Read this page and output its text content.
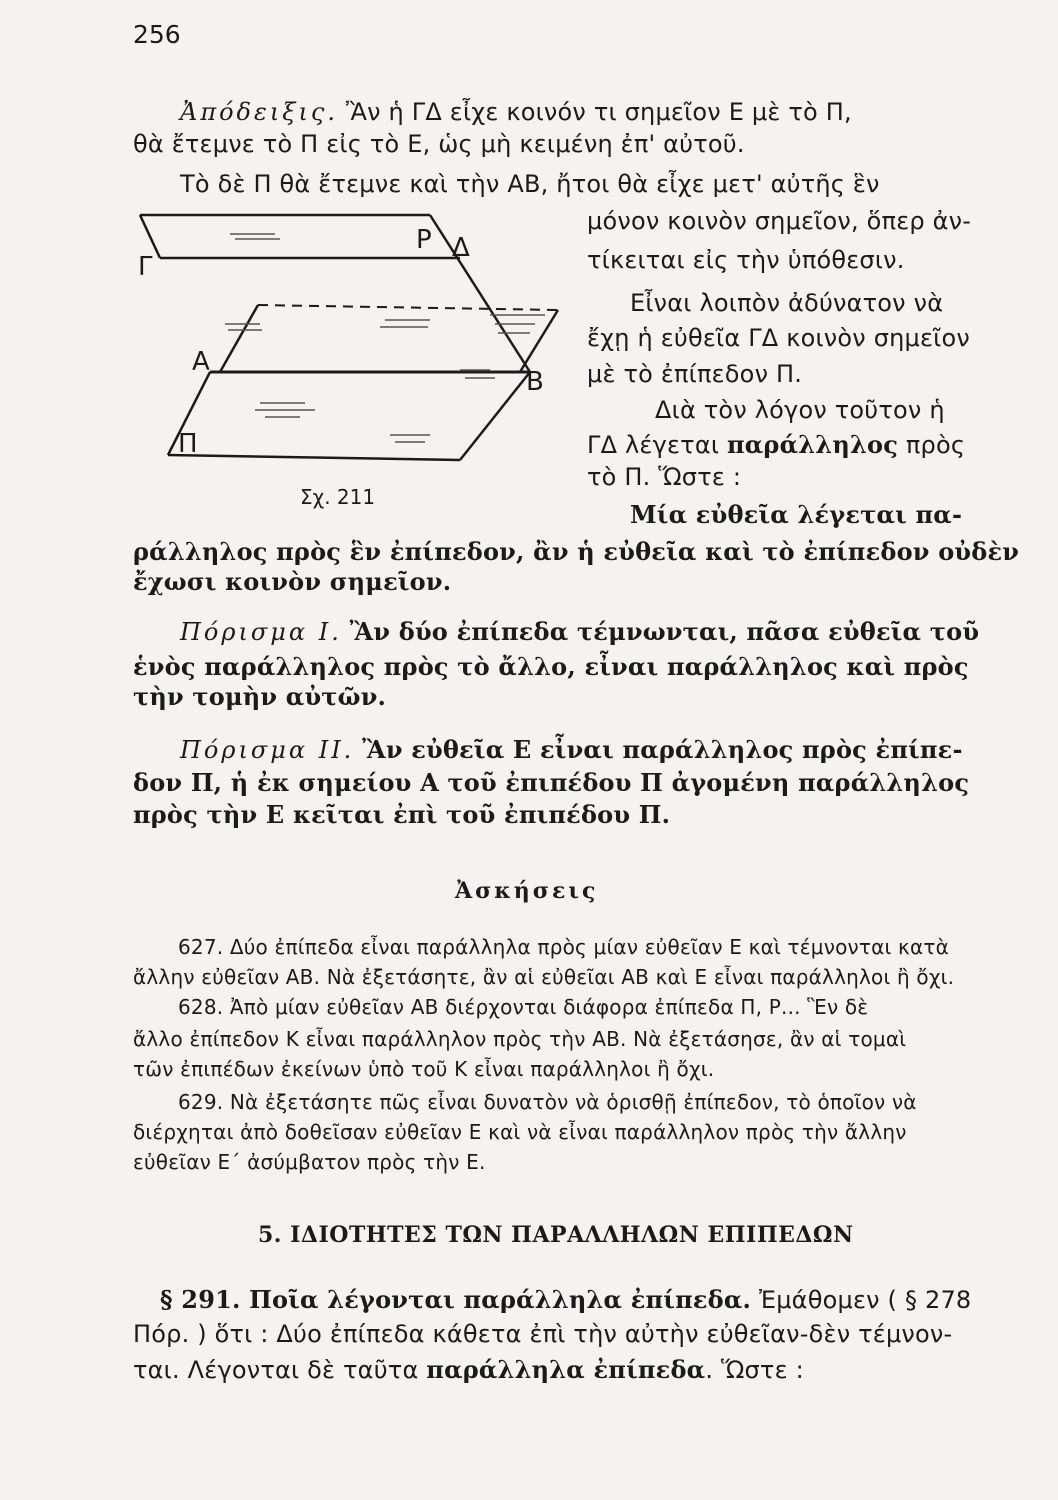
256
Ἀπόδειξις. Ἂν ἡ ΓΔ εἶχε κοινόν τι σημεῖον Ε μὲ τὸ Π,
θὰ ἔτεμνε τὸ Π εἰς τὸ Ε, ὡς μὴ κειμένη ἐπ' αὐτοῦ.
Τὸ δὲ Π θὰ ἔτεμνε καὶ τὴν ΑΒ, ἤτοι θὰ εἶχε μετ' αὐτῆς ἓν
μόνον κοινὸν σημεῖον, ὅπερ ἀν-
τίκειται εἰς τὴν ὑπόθεσιν.
Εἶναι λοιπὸν ἀδύνατον νὰ
ἔχῃ ἡ εὐθεῖα ΓΔ κοινὸν σημεῖον
μὲ τὸ ἐπίπεδον Π.
Διὰ τὸν λόγον τοῦτον ἡ
ΓΔ λέγεται παράλληλος πρὸς
τὸ Π. Ὥστε :
P Δ
Γ
Α
Β
Π
Σχ. 211
Μία εὐθεῖα λέγεται πα-
ράλληλος πρὸς ἓν ἐπίπεδον, ἂν ἡ εὐθεῖα καὶ τὸ ἐπίπεδον οὐδὲν
ἔχωσι κοινὸν σημεῖον.
Πόρισμα Ι. Ἂν δύο ἐπίπεδα τέμνωνται, πᾶσα εὐθεῖα τοῦ
ἑνὸς παράλληλος πρὸς τὸ ἄλλο, εἶναι παράλληλος καὶ πρὸς
τὴν τομὴν αὐτῶν.
Πόρισμα ΙΙ. Ἂν εὐθεῖα Ε εἶναι παράλληλος πρὸς ἐπίπε-
δον Π, ἡ ἐκ σημείου Α τοῦ ἐπιπέδου Π ἀγομένη παράλληλος
πρὸς τὴν Ε κεῖται ἐπὶ τοῦ ἐπιπέδου Π.
Ἀσκήσεις
627. Δύο ἐπίπεδα εἶναι παράλληλα πρὸς μίαν εὐθεῖαν Ε καὶ τέμνονται κατὰ
ἄλλην εὐθεῖαν ΑΒ. Νὰ ἐξετάσητε, ἂν αἱ εὐθεῖαι ΑΒ καὶ Ε εἶναι παράλληλοι ἢ ὄχι.
628. Ἀπὸ μίαν εὐθεῖαν ΑΒ διέρχονται διάφορα ἐπίπεδα Π, Ρ... Ἓν δὲ
ἄλλο ἐπίπεδον Κ εἶναι παράλληλον πρὸς τὴν ΑΒ. Νὰ ἐξετάσησε, ἂν αἱ τομαὶ
τῶν ἐπιπέδων ἐκείνων ὑπὸ τοῦ Κ εἶναι παράλληλοι ἢ ὄχι.
629. Νὰ ἐξετάσητε πῶς εἶναι δυνατὸν νὰ ὁρισθῇ ἐπίπεδον, τὸ ὁποῖον νὰ
διέρχηται ἀπὸ δοθεῖσαν εὐθεῖαν Ε καὶ νὰ εἶναι παράλληλον πρὸς τὴν ἄλλην
εὐθεῖαν Ε΄ ἀσύμβατον πρὸς τὴν Ε.
5. ΙΔΙΟΤΗΤΕΣ ΤΩΝ ΠΑΡΑΛΛΗΛΩΝ ΕΠΙΠΕΔΩΝ
§ 291. Ποῖα λέγονται παράλληλα ἐπίπεδα. Ἐμάθομεν ( § 278
Πόρ. ) ὅτι : Δύο ἐπίπεδα κάθετα ἐπὶ τὴν αὐτὴν εὐθεῖαν-δὲν τέμνον-
ται. Λέγονται δὲ ταῦτα παράλληλα ἐπίπεδα. Ὥστε :
